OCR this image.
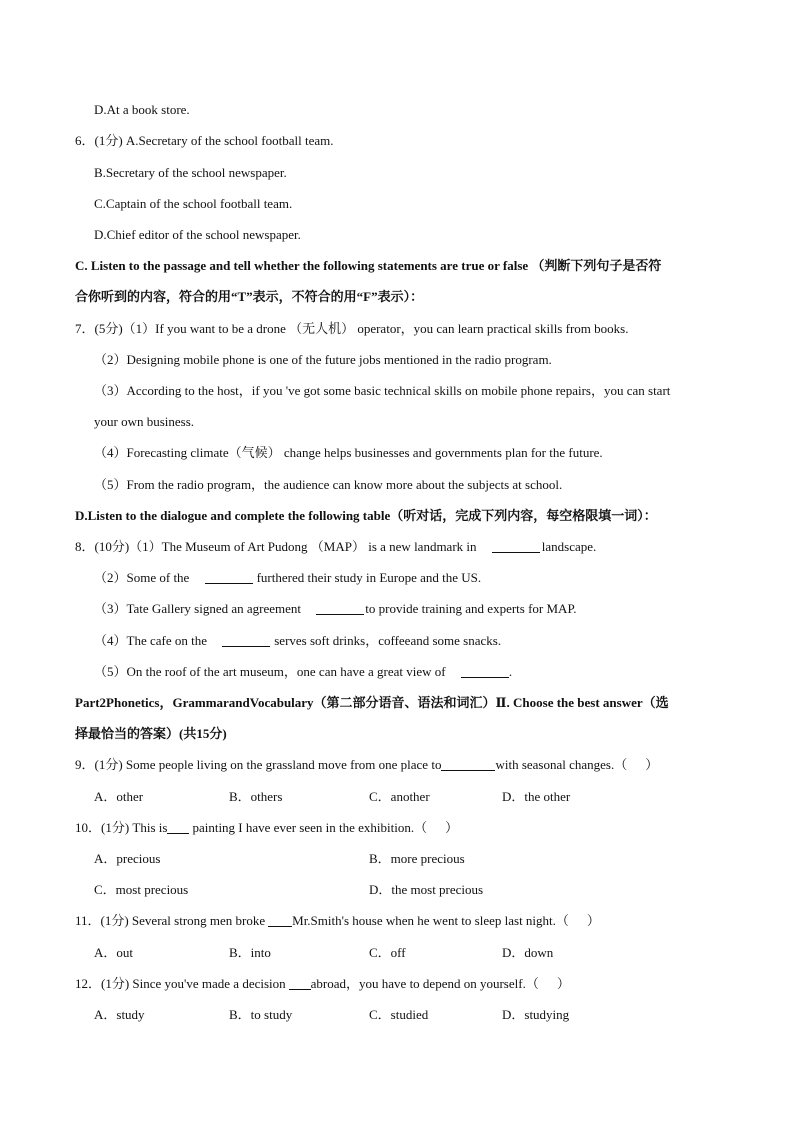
D.At a book store.
6．(1分) A.Secretary of the school football team.
B.Secretary of the school newspaper.
C.Captain of the school football team.
D.Chief editor of the school newspaper.
C. Listen to the passage and tell whether the following statements are true or false （判断下列句子是否符
合你听到的内容，符合的用“T”表示，不符合的用“F”表示）：
7．(5分)（1）If you want to be a drone （无人机） operator，you can learn practical skills from books.
（2）Designing mobile phone is one of the future jobs mentioned in the radio program.
（3）According to the host，if you 've got some basic technical skills on mobile phone repairs，you can start
your own business.
（4）Forecasting climate（气候） change helps businesses and governments plan for the future.
（5）From the radio program，the audience can know more about the subjects at school.
D.Listen to the dialogue and complete the following table（听对话，完成下列内容，每空格限填一词）：
8．(10分)（1）The Museum of Art Pudong （MAP） is a new landmark in	landscape.
（2）Some of the	furthered their study in Europe and the US.
（3）Tate Gallery signed an agreement	to provide training and experts for MAP.
（4）The cafe on the	serves soft drinks，coffeeand some snacks.
（5）On the roof of the art museum，one can have a great view of	.
Part2Phonetics，GrammarandVocabulary（第二部分语音、语法和词汇）Ⅱ. Choose the best answer（选
择最恰当的答案）(共15分)
9．(1分) Some people living on the grassland move from one place to	with seasonal changes.（ ）
A．other	B．others	C．another	D．the other
10．(1分) This is painting I have ever seen in the exhibition.（ ）
A．precious	B．more precious
C．most precious	D．the most precious
11．(1分) Several strong men broke Mr.Smith's house when he went to sleep last night.（ ）
A．out	B．into	C．off	D．down
12．(1分) Since you've made a decision abroad，you have to depend on yourself.（ ）
A．study	B．to study	C．studied	D．studying
